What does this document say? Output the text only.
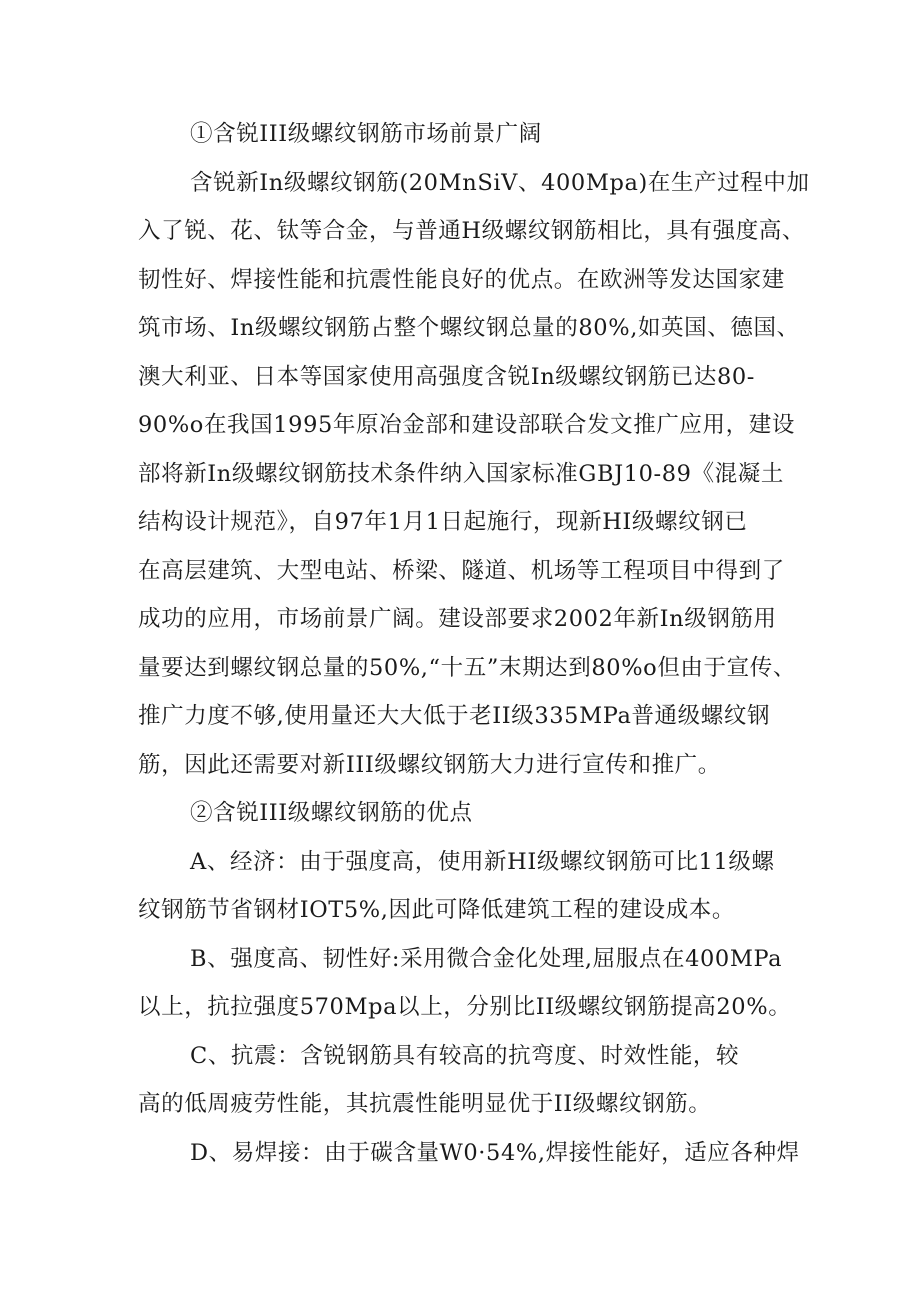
①含锐III级螺纹钢筋市场前景广阔
含锐新In级螺纹钢筋(20MnSiV、400Mpa)在生产过程中加
入了锐、花、钛等合金，与普通H级螺纹钢筋相比，具有强度高、
韧性好、焊接性能和抗震性能良好的优点。在欧洲等发达国家建
筑市场、In级螺纹钢筋占整个螺纹钢总量的80%,如英国、德国、
澳大利亚、日本等国家使用高强度含锐In级螺纹钢筋已达80-
90%o在我国1995年原冶金部和建设部联合发文推广应用，建设
部将新In级螺纹钢筋技术条件纳入国家标准GBJ10-89《混凝土
结构设计规范》，自97年1月1日起施行，现新HI级螺纹钢已
在高层建筑、大型电站、桥梁、隧道、机场等工程项目中得到了
成功的应用，市场前景广阔。建设部要求2002年新In级钢筋用
量要达到螺纹钢总量的50%,“十五”末期达到80%o但由于宣传、
推广力度不够,使用量还大大低于老II级335MPa普通级螺纹钢
筋，因此还需要对新III级螺纹钢筋大力进行宣传和推广。
②含锐III级螺纹钢筋的优点
A、经济：由于强度高，使用新HI级螺纹钢筋可比11级螺
纹钢筋节省钢材IOT5%,因此可降低建筑工程的建设成本。
B、强度高、韧性好:采用微合金化处理,屈服点在400MPa
以上，抗拉强度570Mpa以上，分别比II级螺纹钢筋提高20%。
C、抗震：含锐钢筋具有较高的抗弯度、时效性能，较
高的低周疲劳性能，其抗震性能明显优于II级螺纹钢筋。
D、易焊接：由于碳含量W0·54%,焊接性能好，适应各种焊
